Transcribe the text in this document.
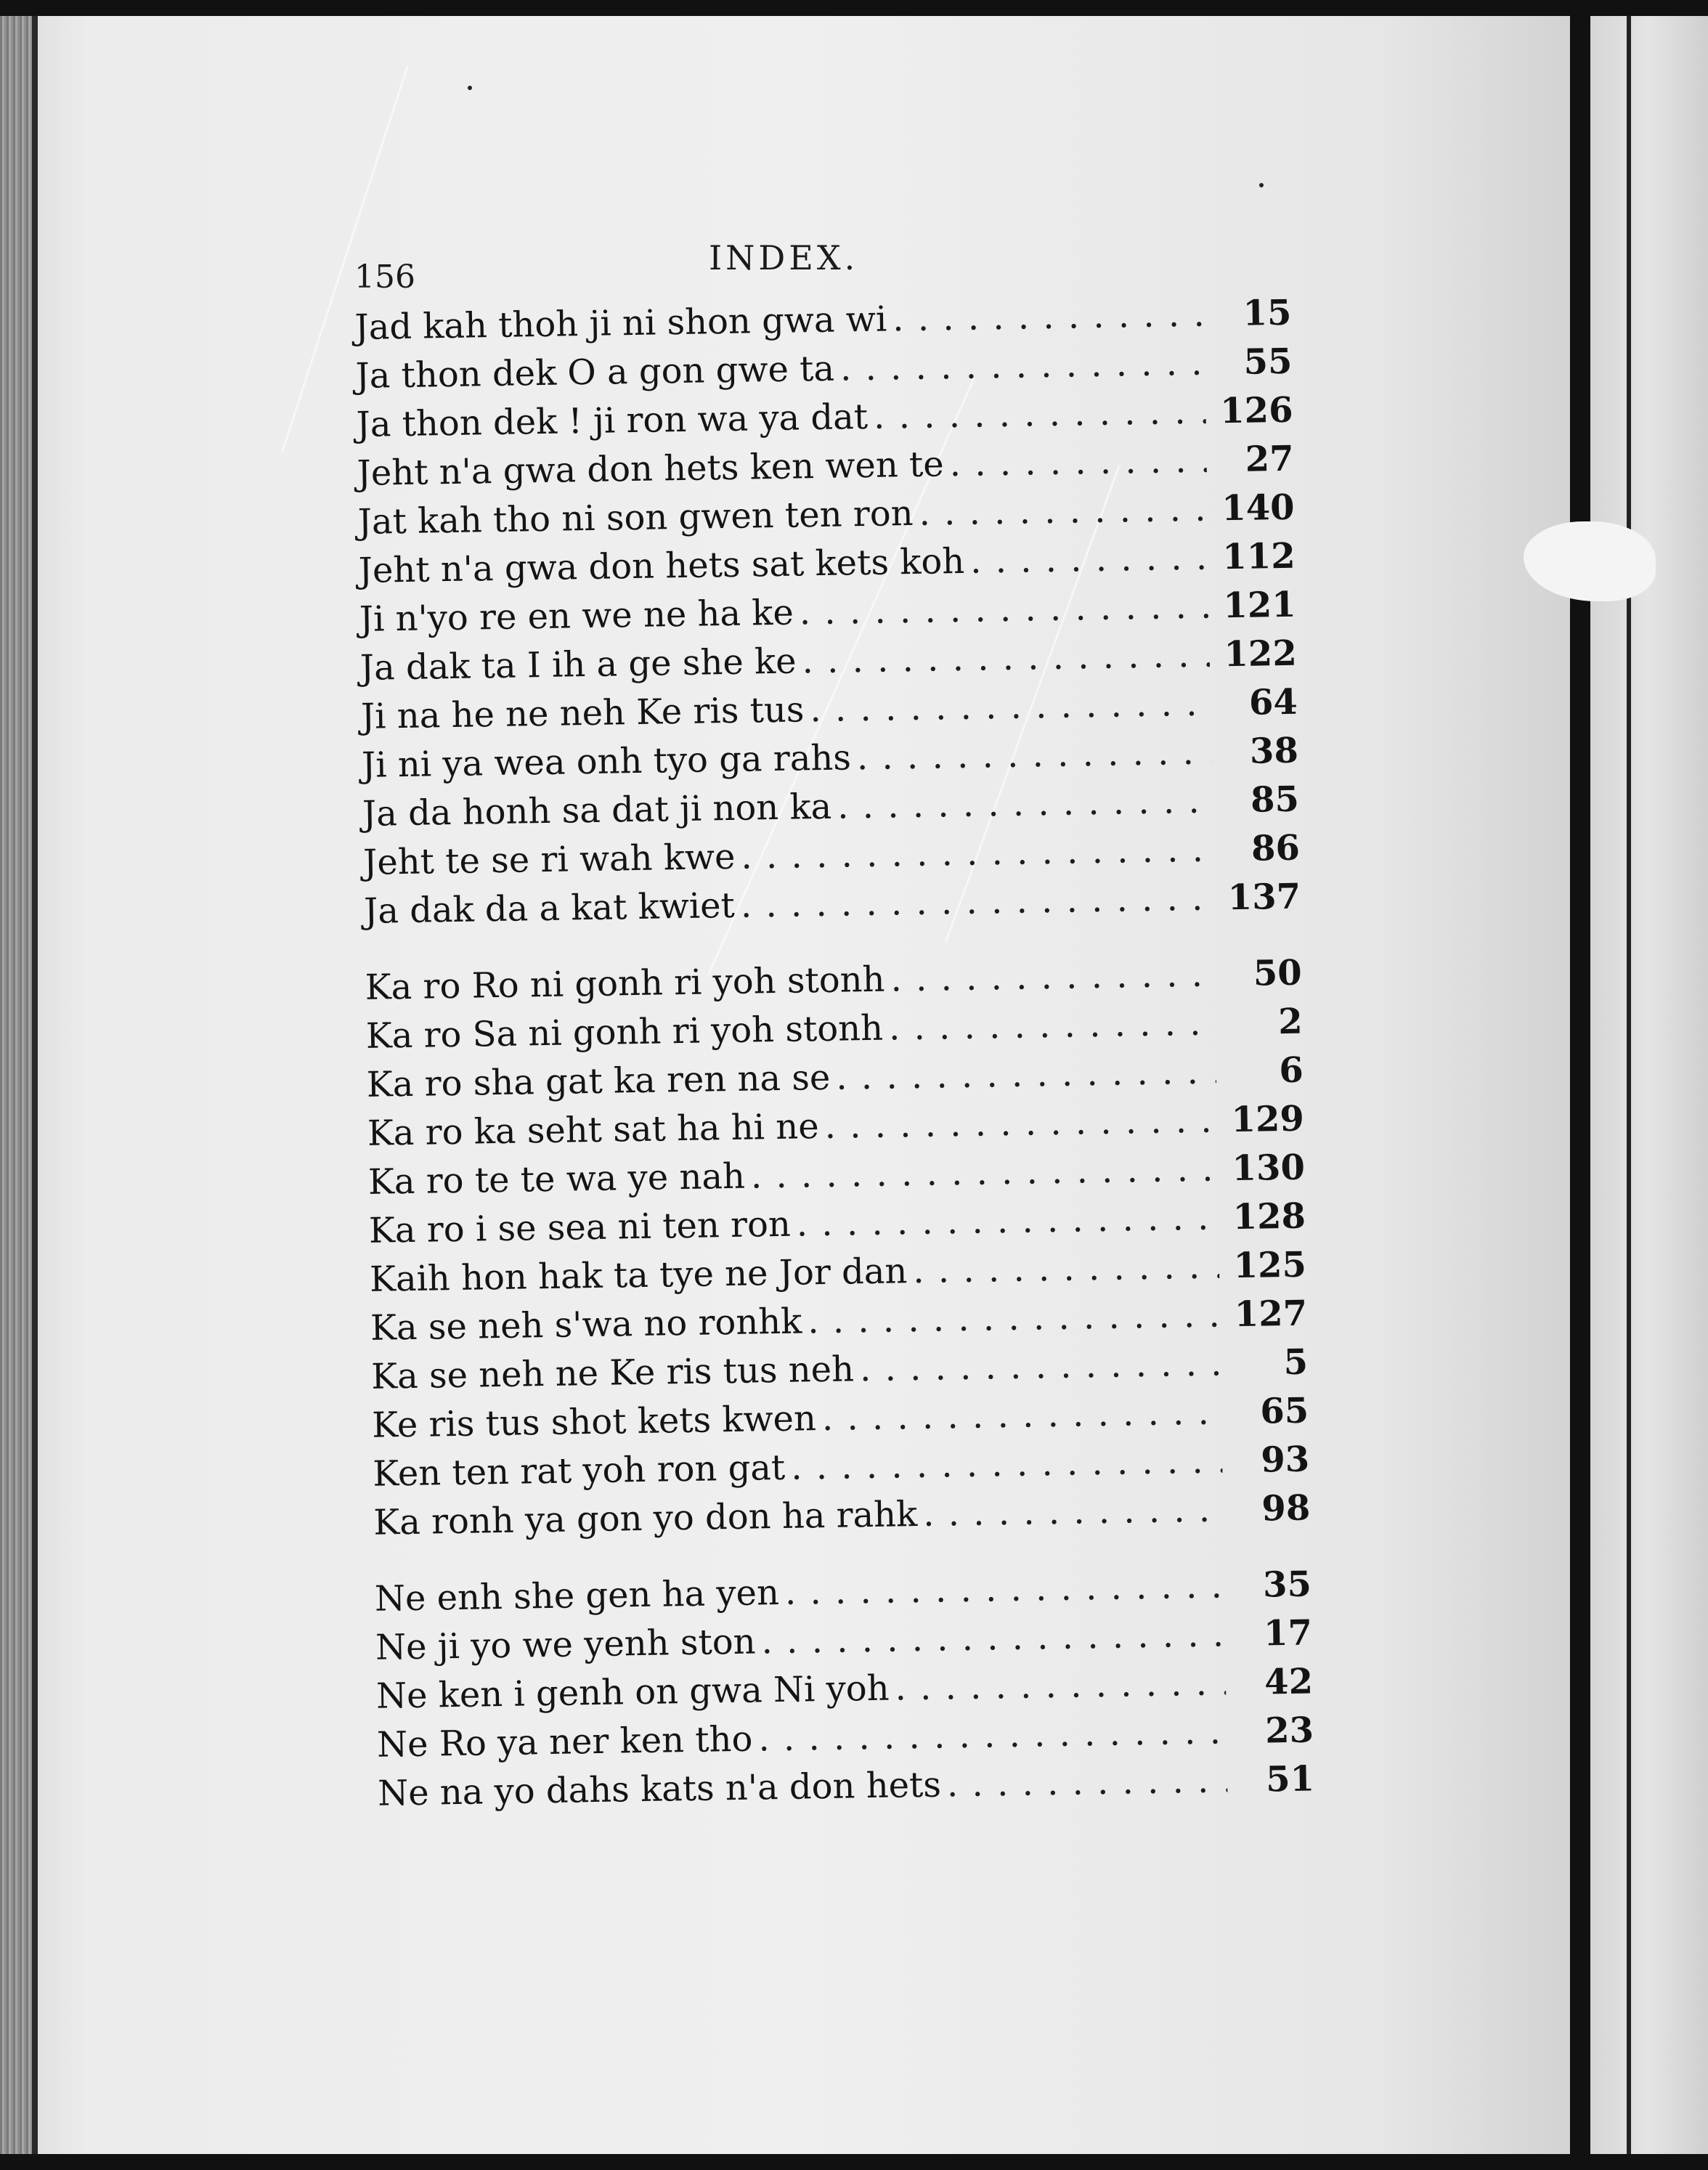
156	INDEX.
Jad kah thoh ji ni shon gwa wi . . .	15
Ja thon dek O a gon gwe ta . . .	55
Ja thon dek ! ji ron wa ya dat . . .	126
Jeht n'a gwa don hets ken wen te . . .	27
Jat kah tho ni son gwen ten ron . . .	140
Jeht n'a gwa don hets sat kets koh . . .	112
Ji n'yo re en we ne ha ke . . .	121
Ja dak ta I ih a ge she ke . . .	122
Ji na he ne neh Ke ris tus . . .	64
Ji ni ya wea onh tyo ga rahs . . .	38
Ja da honh sa dat ji non ka . . .	85
Jeht te se ri wah kwe . . .	86
Ja dak da a kat kwiet . . .	137
Ka ro Ro ni gonh ri yoh stonh . . .	50
Ka ro Sa ni gonh ri yoh stonh . . .	2
Ka ro sha gat ka ren na se . . .	6
Ka ro ka seht sat ha hi ne . . .	129
Ka ro te te wa ye nah . . .	130
Ka ro i se sea ni ten ron . . .	128
Kaih hon hak ta tye ne Jor dan . . .	125
Ka se neh s'wa no ronhk . . .	127
Ka se neh ne Ke ris tus neh . . .	5
Ke ris tus shot kets kwen . . .	65
Ken ten rat yoh ron gat . . .	93
Ka ronh ya gon yo don ha rahk . . .	98
Ne enh she gen ha yen . . .	35
Ne ji yo we yenh ston . . .	17
Ne ken i genh on gwa Ni yoh . . .	42
Ne Ro ya ner ken tho . . .	23
Ne na yo dahs kats n'a don hets . . .	51
